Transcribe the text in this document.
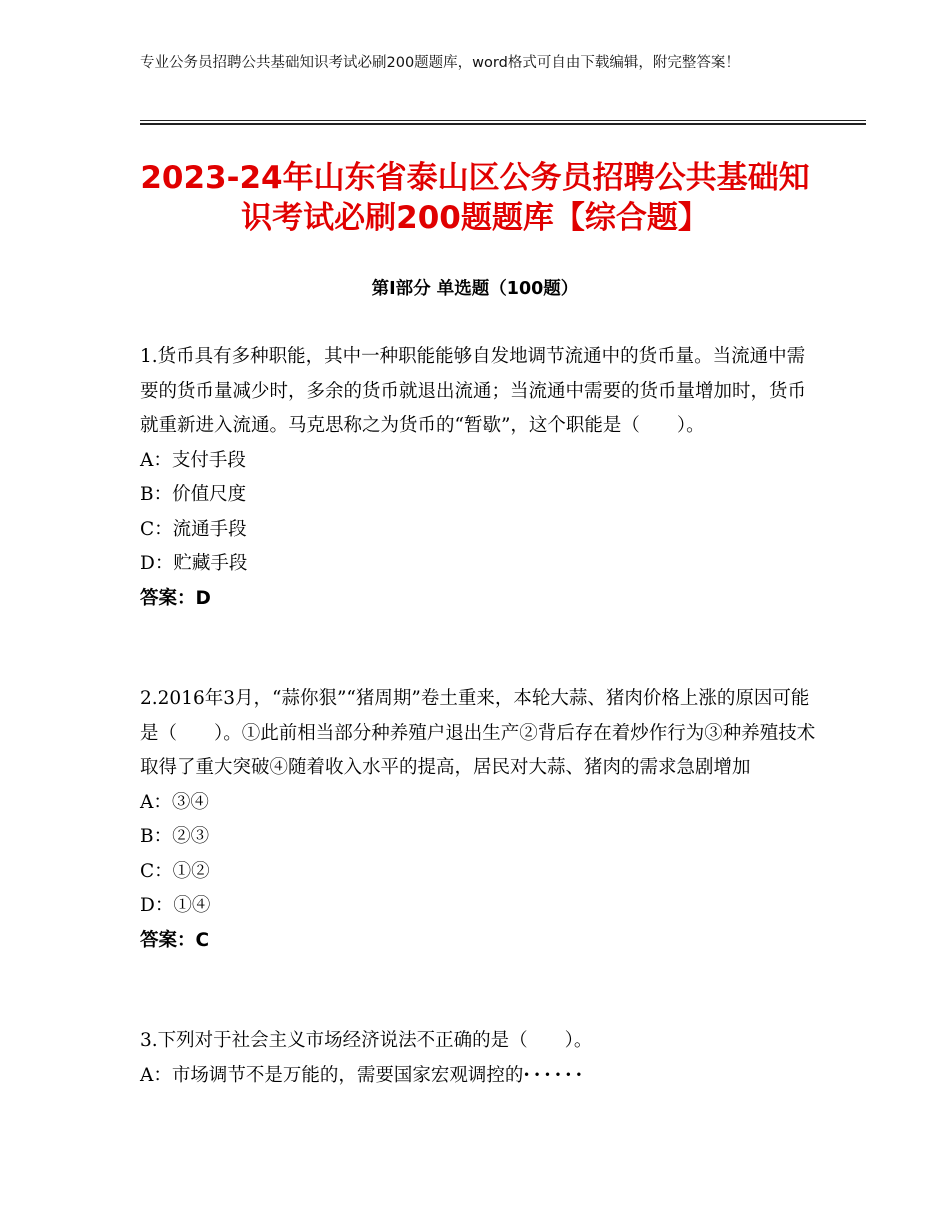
专业公务员招聘公共基础知识考试必刷200题题库，word格式可自由下载编辑，附完整答案！
2023-24年山东省泰山区公务员招聘公共基础知识考试必刷200题题库【综合题】
第Ⅰ部分 单选题（100题）

1.货币具有多种职能，其中一种职能能够自发地调节流通中的货币量。当流通中需要的货币量减少时，多余的货币就退出流通；当流通中需要的货币量增加时，货币就重新进入流通。马克思称之为货币的“暂歇”，这个职能是（　　）。

A：支付手段

B：价值尺度

C：流通手段

D：贮藏手段

答案：D

2.2016年3月，“蒜你狠”“猪周期”卷土重来，本轮大蒜、猪肉价格上涨的原因可能是（　　）。①此前相当部分种养殖户退出生产②背后存在着炒作行为③种养殖技术取得了重大突破④随着收入水平的提高，居民对大蒜、猪肉的需求急剧增加

A：③④

B：②③

C：①②

D：①④

答案：C

3.下列对于社会主义市场经济说法不正确的是（　　）。

A：市场调节不是万能的，需要国家宏观调控的······
